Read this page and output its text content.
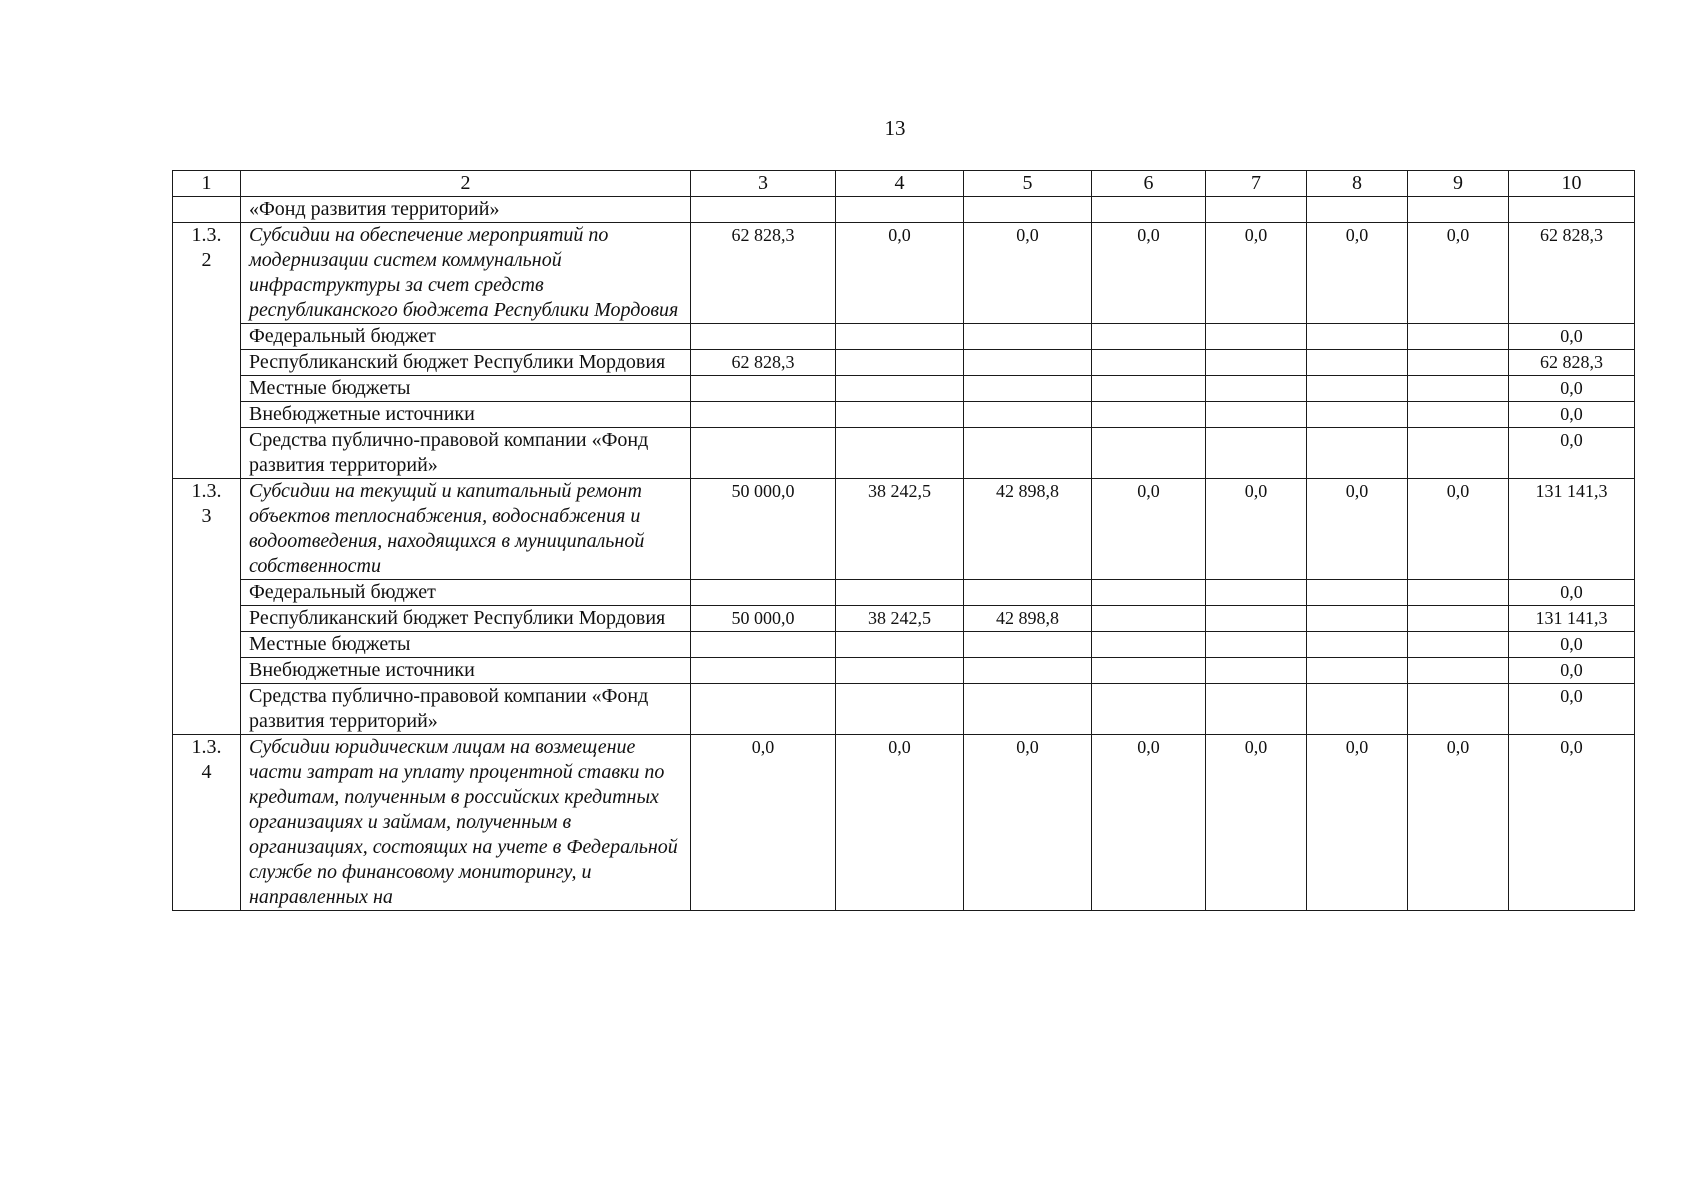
13
1	2	3	4	5	6	7	8	9	10
	«Фонд развития территорий»								
1.3.
2	Субсидии на обеспечение мероприятий по модернизации систем коммунальной инфраструктуры за счет средств республиканского бюджета Республики Мордовия	62 828,3	0,0	0,0	0,0	0,0	0,0	0,0	62 828,3
	Федеральный бюджет								0,0
	Республиканский бюджет Республики Мордовия	62 828,3							62 828,3
	Местные бюджеты								0,0
	Внебюджетные источники								0,0
	Средства публично-правовой компании «Фонд развития территорий»								0,0
1.3.
3	Субсидии на текущий и капитальный ремонт объектов теплоснабжения, водоснабжения и водоотведения, находящихся в муниципальной собственности	50 000,0	38 242,5	42 898,8	0,0	0,0	0,0	0,0	131 141,3
	Федеральный бюджет								0,0
	Республиканский бюджет Республики Мордовия	50 000,0	38 242,5	42 898,8					131 141,3
	Местные бюджеты								0,0
	Внебюджетные источники								0,0
	Средства публично-правовой компании «Фонд развития территорий»								0,0
1.3.
4	Субсидии юридическим лицам на возмещение части затрат на уплату процентной ставки по кредитам, полученным в российских кредитных организациях и займам, полученным в организациях, состоящих на учете в Федеральной службе по финансовому мониторингу, и направленных на	0,0	0,0	0,0	0,0	0,0	0,0	0,0	0,0
